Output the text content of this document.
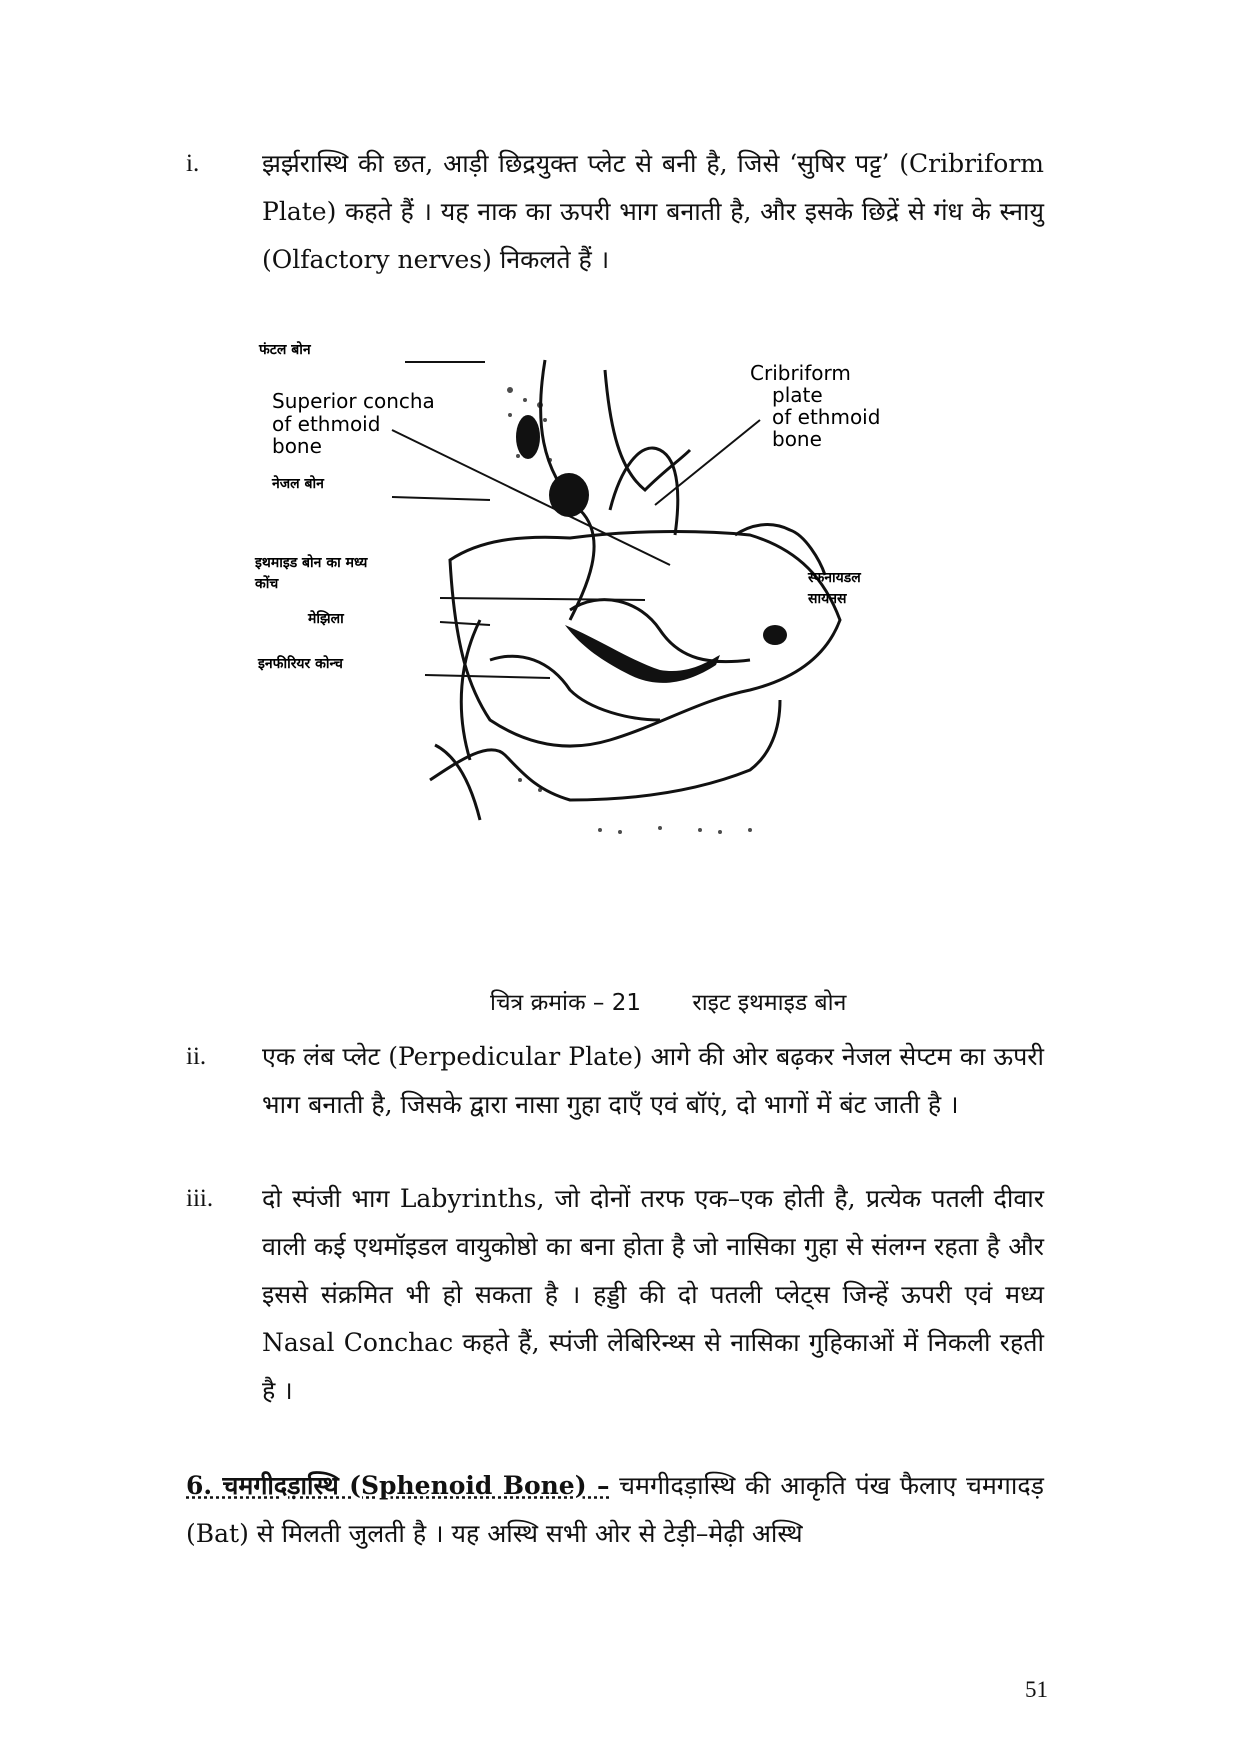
i.	झर्झरास्थि की छत, आड़ी छिद्रयुक्त प्लेट से बनी है, जिसे ‘सुषिर पट्ट’ (Cribriform Plate) कहते हैं । यह नाक का ऊपरी भाग बनाती है, और इसके छिद्रें से गंध के स्नायु (Olfactory nerves) निकलते हैं ।
फंटल बोन
Superior concha
of ethmoid
bone
नेजल बोन
इथमाइड बोन का मध्य
कोंच
मेझिला
इनफीरियर कोन्च
Cribriform
plate
of ethmoid
bone
स्फनायडल
सायनस
चित्र क्रमांक – 21 राइट इथमाइड बोन
ii. एक लंब प्लेट (Perpedicular Plate) आगे की ओर बढ़कर नेजल सेप्टम का ऊपरी भाग बनाती है, जिसके द्वारा नासा गुहा दाएँ एवं बॉएं, दो भागों में बंट जाती है ।
iii. दो स्पंजी भाग Labyrinths, जो दोनों तरफ एक–एक होती है, प्रत्येक पतली दीवार वाली कई एथमॉइडल वायुकोष्ठो का बना होता है जो नासिका गुहा से संलग्न रहता है और इससे संक्रमित भी हो सकता है । हड्डी की दो पतली प्लेट्स जिन्हें ऊपरी एवं मध्य Nasal Conchac कहते हैं, स्पंजी लेबिरिन्थ्स से नासिका गुहिकाओं में निकली रहती है ।
6. चमगीदड़ास्थि (Sphenoid Bone) – चमगीदड़ास्थि की आकृति पंख फैलाए चमगादड़ (Bat) से मिलती जुलती है । यह अस्थि सभी ओर से टेड़ी–मेढ़ी अस्थि
51
